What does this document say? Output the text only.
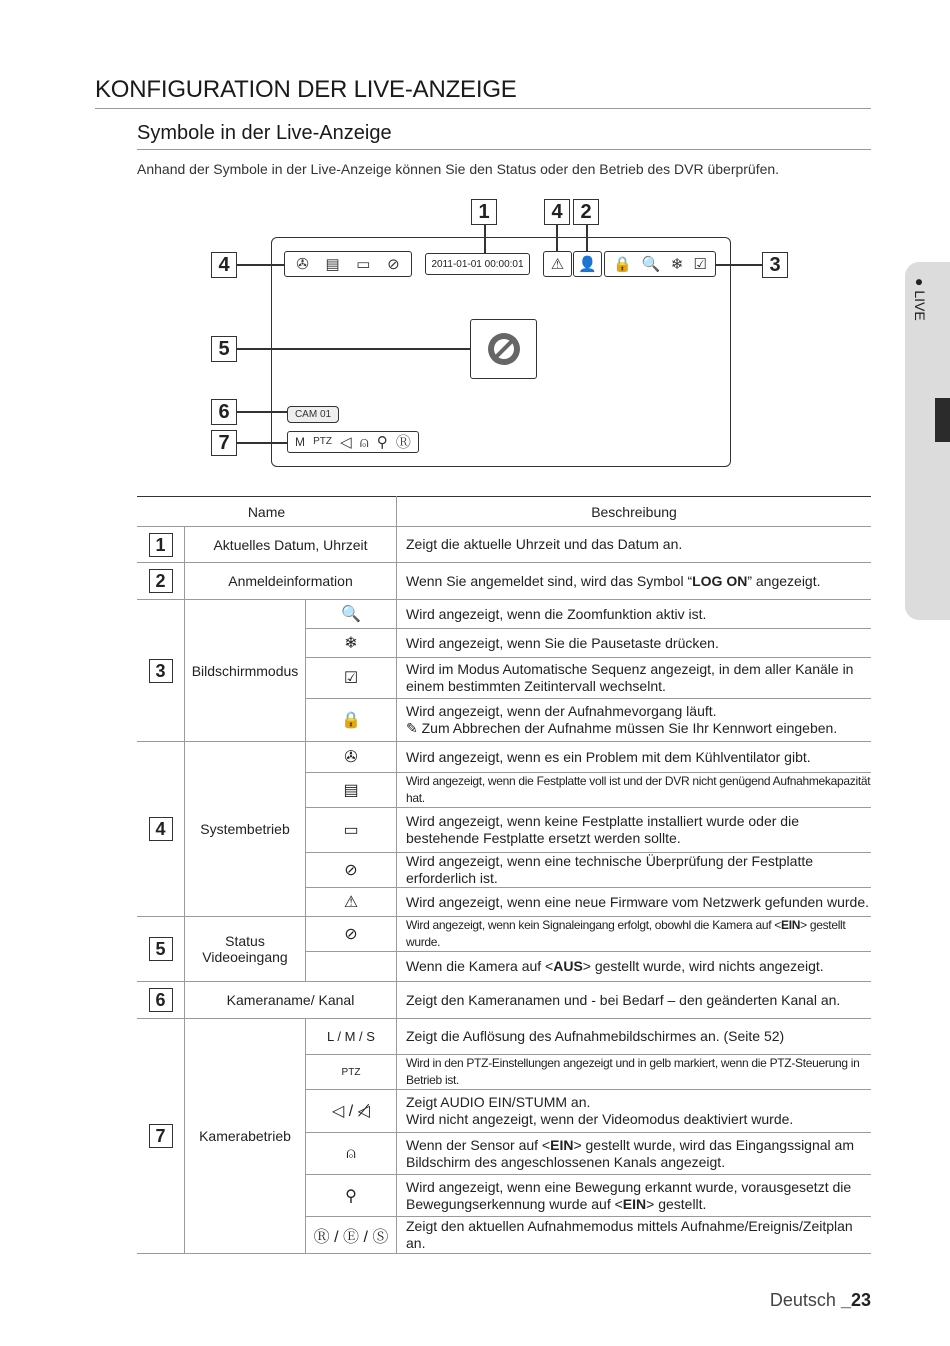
KONFIGURATION DER LIVE-ANZEIGE
Symbole in der Live-Anzeige
Anhand der Symbole in der Live-Anzeige können Sie den Status oder den Betrieb des DVR überprüfen.
● LIVE
1	4 2
3
4
5
6
7
✇ ▤ ▭ ⊘	2011-01-01 00:00:01	⚠ 👤 🔒 🔍 ❄ ☑
CAM 01
M PTZ ◁ ⍝ ⚲ Ⓡ
Name			Beschreibung
1	Aktuelles Datum, Uhrzeit		Zeigt die aktuelle Uhrzeit und das Datum an.
2	Anmeldeinformation		Wenn Sie angemeldet sind, wird das Symbol “LOG ON” angezeigt.
3	Bildschirmmodus	🔍	Wird angezeigt, wenn die Zoomfunktion aktiv ist.
		❄	Wird angezeigt, wenn Sie die Pausetaste drücken.
		☑	Wird im Modus Automatische Sequenz angezeigt, in dem aller Kanäle in einem bestimmten Zeitintervall wechselnt.
		🔒	Wird angezeigt, wenn der Aufnahmevorgang läuft.
✎ Zum Abbrechen der Aufnahme müssen Sie Ihr Kennwort eingeben.
4	Systembetrieb	✇	Wird angezeigt, wenn es ein Problem mit dem Kühlventilator gibt.
		▤	Wird angezeigt, wenn die Festplatte voll ist und der DVR nicht genügend Aufnahmekapazität hat.
		▭	Wird angezeigt, wenn keine Festplatte installiert wurde oder die bestehende Festplatte ersetzt werden sollte.
		⊘	Wird angezeigt, wenn eine technische Überprüfung der Festplatte erforderlich ist.
		⚠	Wird angezeigt, wenn eine neue Firmware vom Netzwerk gefunden wurde.
5	Status Videoeingang	⊘	Wird angezeigt, wenn kein Signaleingang erfolgt, obowhl die Kamera auf <EIN> gestellt wurde.
			Wenn die Kamera auf <AUS> gestellt wurde, wird nichts angezeigt.
6	Kameraname/ Kanal		Zeigt den Kameranamen und - bei Bedarf – den geänderten Kanal an.
7	Kamerabetrieb	L / M / S	Zeigt die Auflösung des Aufnahmebildschirmes an. (Seite 52)
		PTZ	Wird in den PTZ-Einstellungen angezeigt und in gelb markiert, wenn die PTZ-Steuerung in Betrieb ist.
		◁ / ◁̸	Zeigt AUDIO EIN/STUMM an.
Wird nicht angezeigt, wenn der Videomodus deaktiviert wurde.
		⍝	Wenn der Sensor auf <EIN> gestellt wurde, wird das Eingangssignal am Bildschirm des angeschlossenen Kanals angezeigt.
		⚲	Wird angezeigt, wenn eine Bewegung erkannt wurde, vorausgesetzt die Bewegungserkennung wurde auf <EIN> gestellt.
		Ⓡ / Ⓔ / Ⓢ	Zeigt den aktuellen Aufnahmemodus mittels Aufnahme/Ereignis/Zeitplan an.
Deutsch _23
